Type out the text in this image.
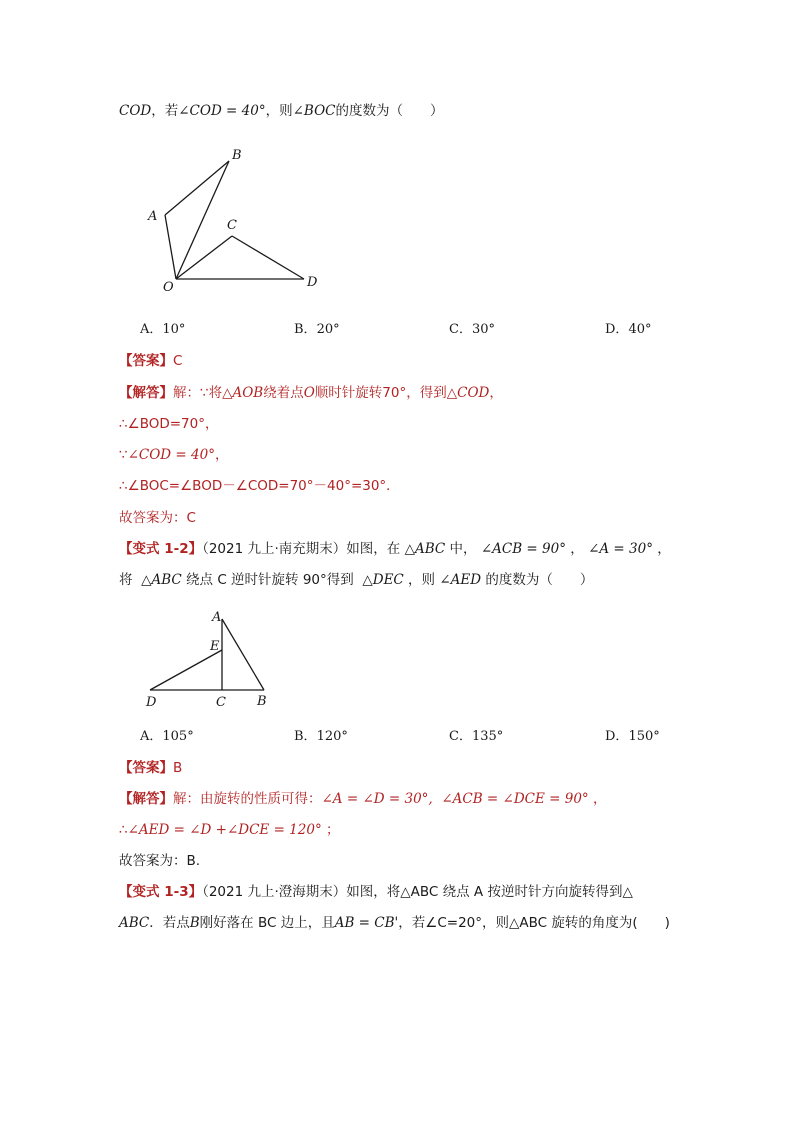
COD，若∠COD = 40°，则∠BOC的度数为（　　）
B
A
C
D
O
A．10°	B．20°	C．30°	D．40°
【答案】C
【解答】解：∵将△AOB绕着点O顺时针旋转70°，得到△COD，
∴∠BOD=70°，
∵∠COD = 40°，
∴∠BOC=∠BOD－∠COD=70°－40°=30°．
故答案为：C
【变式 1-2】（2021 九上·南充期末）如图，在 △ABC 中， ∠ACB = 90° ， ∠A = 30° ，
将 △ABC 绕点 C 逆时针旋转 90°得到 △DEC ，则 ∠AED 的度数为（　　）
A
E
D	C B
A．105°	B．120°	C．135°	D．150°
【答案】B
【解答】解：由旋转的性质可得：∠A = ∠D = 30°, ∠ACB = ∠DCE = 90° ，
∴∠AED = ∠D +∠DCE = 120° ；
故答案为：B.
【变式 1-3】（2021 九上·澄海期末）如图，将△ABC 绕点 A 按逆时针方向旋转得到△
ABC．若点B刚好落在 BC 边上，且AB = CB'，若∠C=20°，则△ABC 旋转的角度为(　　)
